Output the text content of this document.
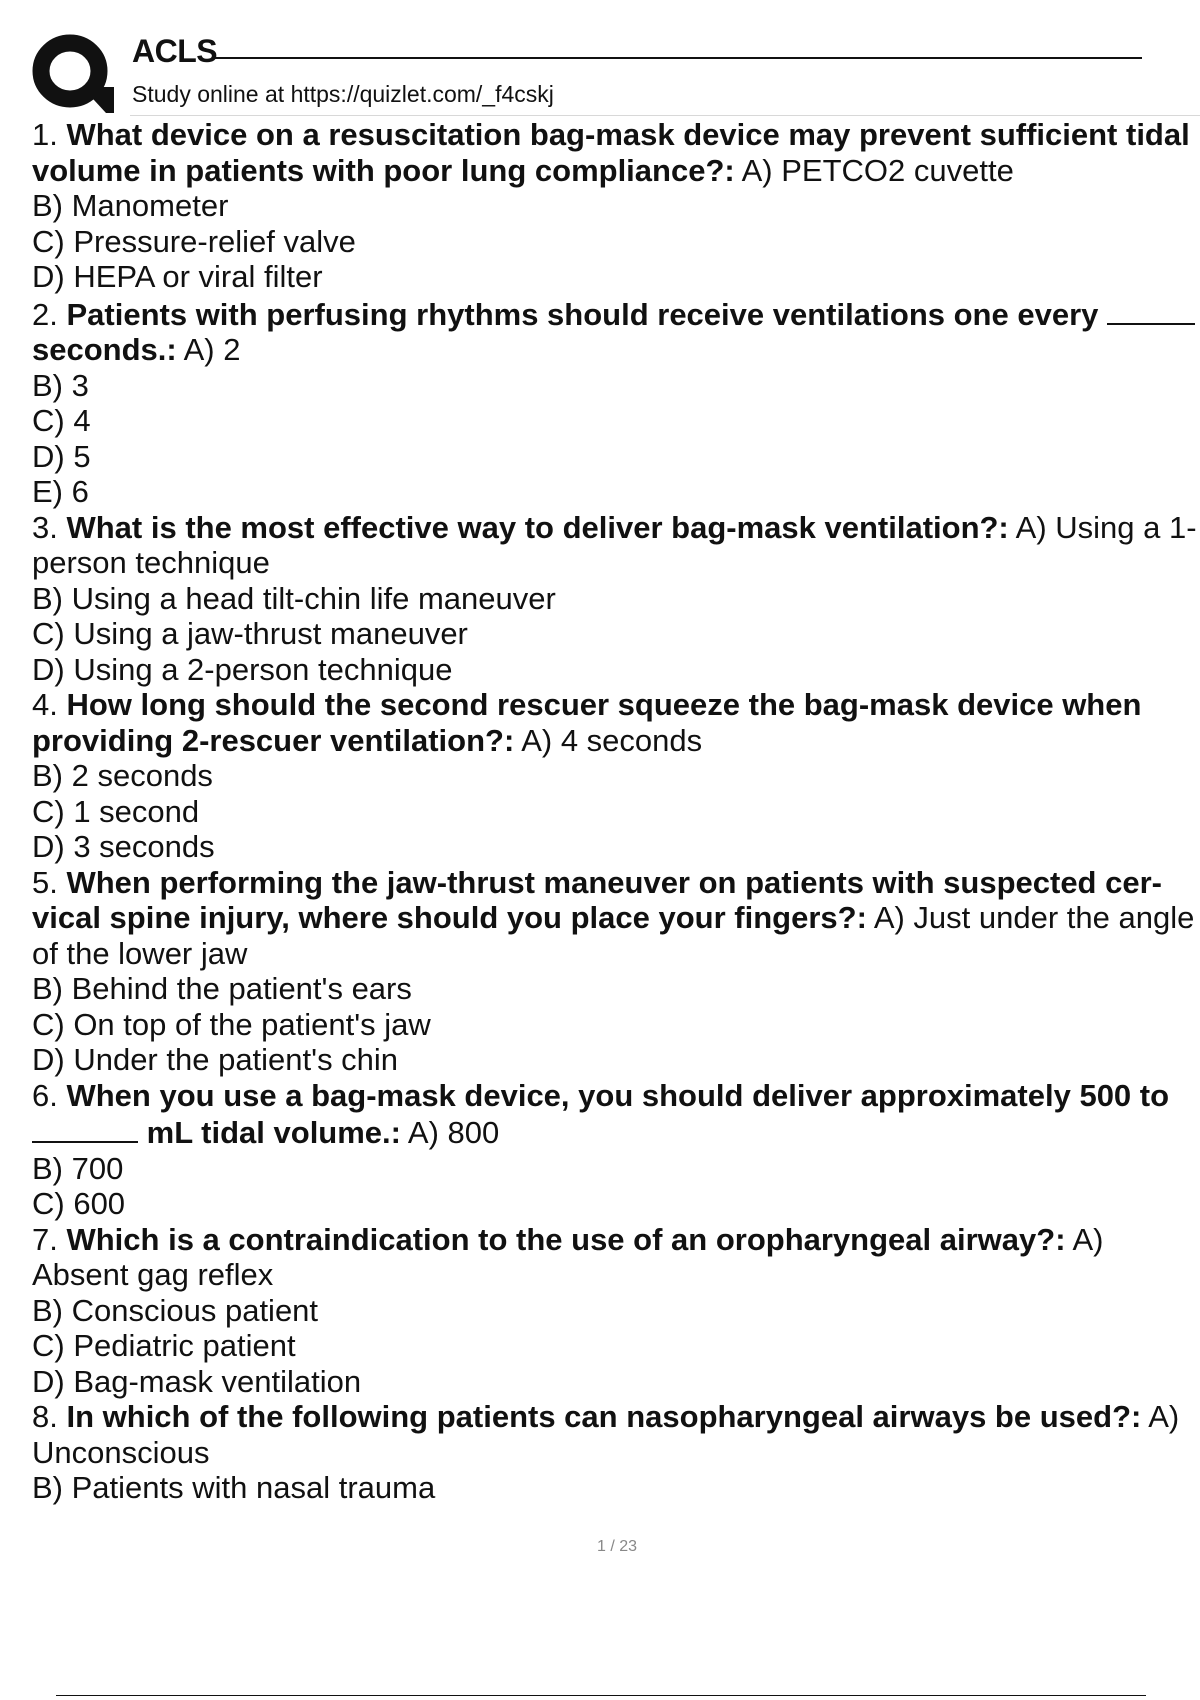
ACLS
Study online at https://quizlet.com/_f4cskj
1. What device on a resuscitation bag-mask device may prevent sufficient tidal volume in patients with poor lung compliance?: A) PETCO2 cuvette
B) Manometer
C) Pressure-relief valve
D) HEPA or viral filter
2. Patients with perfusing rhythms should receive ventilations one every  seconds.: A) 2
B) 3
C) 4
D) 5
E) 6
3. What is the most effective way to deliver bag-mask ventilation?: A) Using a 1-person technique
B) Using a head tilt-chin life maneuver
C) Using a jaw-thrust maneuver
D) Using a 2-person technique
4. How long should the second rescuer squeeze the bag-mask device when providing 2-rescuer ventilation?: A) 4 seconds
B) 2 seconds
C) 1 second
D) 3 seconds
5. When performing the jaw-thrust maneuver on patients with suspected cer- vical spine injury, where should you place your fingers?: A) Just under the angle of the lower jaw
B) Behind the patient's ears
C) On top of the patient's jaw
D) Under the patient's chin
6. When you use a bag-mask device, you should deliver approximately 500 to  mL tidal volume.: A) 800
B) 700
C) 600
7. Which is a contraindication to the use of an oropharyngeal airway?: A) Absent gag reflex
B) Conscious patient
C) Pediatric patient
D) Bag-mask ventilation
8. In which of the following patients can nasopharyngeal airways be used?: A) Unconscious
B) Patients with nasal trauma
1 / 23
